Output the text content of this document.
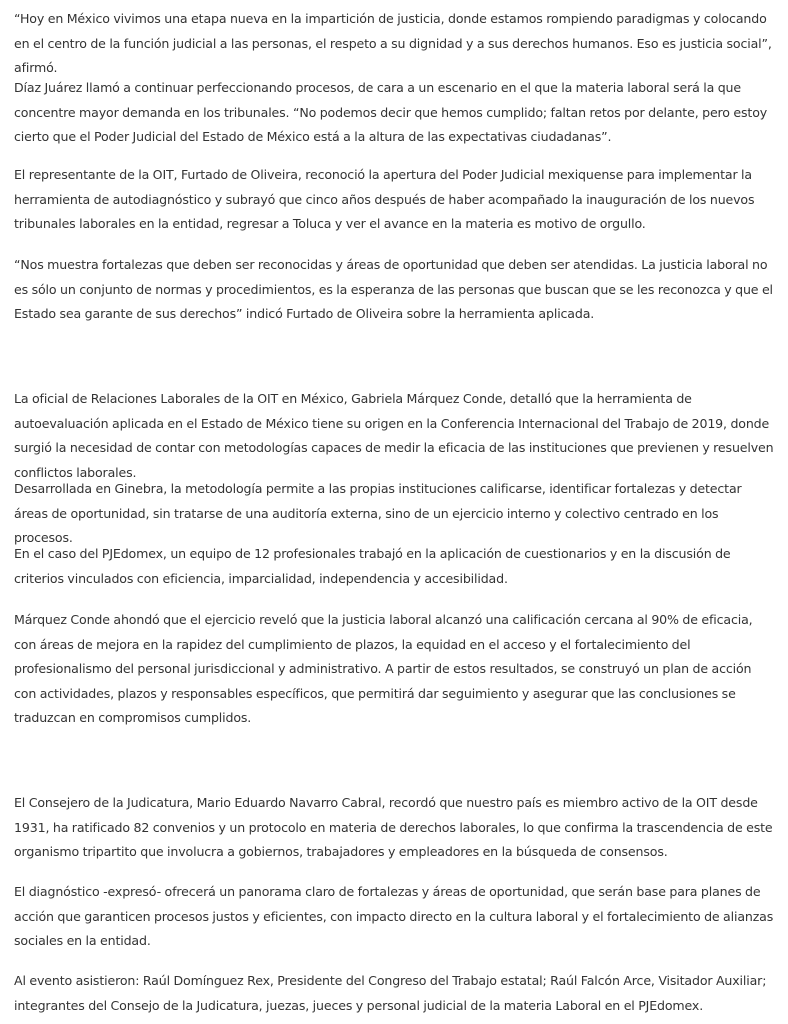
“Hoy en México vivimos una etapa nueva en la impartición de justicia, donde estamos rompiendo paradigmas y colocando en el centro de la función judicial a las personas, el respeto a su dignidad y a sus derechos humanos. Eso es justicia social”, afirmó.

Díaz Juárez llamó a continuar perfeccionando procesos, de cara a un escenario en el que la materia laboral será la que concentre mayor demanda en los tribunales. “No podemos decir que hemos cumplido; faltan retos por delante, pero estoy cierto que el Poder Judicial del Estado de México está a la altura de las expectativas ciudadanas”.

El representante de la OIT, Furtado de Oliveira, reconoció la apertura del Poder Judicial mexiquense para implementar la herramienta de autodiagnóstico y subrayó que cinco años después de haber acompañado la inauguración de los nuevos tribunales laborales en la entidad, regresar a Toluca y ver el avance en la materia es motivo de orgullo.

“Nos muestra fortalezas que deben ser reconocidas y áreas de oportunidad que deben ser atendidas. La justicia laboral no es sólo un conjunto de normas y procedimientos, es la esperanza de las personas que buscan que se les reconozca y que el Estado sea garante de sus derechos” indicó Furtado de Oliveira sobre la herramienta aplicada.

La oficial de Relaciones Laborales de la OIT en México, Gabriela Márquez Conde, detalló que la herramienta de autoevaluación aplicada en el Estado de México tiene su origen en la Conferencia Internacional del Trabajo de 2019, donde surgió la necesidad de contar con metodologías capaces de medir la eficacia de las instituciones que previenen y resuelven conflictos laborales.

Desarrollada en Ginebra, la metodología permite a las propias instituciones calificarse, identificar fortalezas y detectar áreas de oportunidad, sin tratarse de una auditoría externa, sino de un ejercicio interno y colectivo centrado en los procesos.

En el caso del PJEdomex, un equipo de 12 profesionales trabajó en la aplicación de cuestionarios y en la discusión de criterios vinculados con eficiencia, imparcialidad, independencia y accesibilidad.

Márquez Conde ahondó que el ejercicio reveló que la justicia laboral alcanzó una calificación cercana al 90% de eficacia, con áreas de mejora en la rapidez del cumplimiento de plazos, la equidad en el acceso y el fortalecimiento del profesionalismo del personal jurisdiccional y administrativo. A partir de estos resultados, se construyó un plan de acción con actividades, plazos y responsables específicos, que permitirá dar seguimiento y asegurar que las conclusiones se traduzcan en compromisos cumplidos.

El Consejero de la Judicatura, Mario Eduardo Navarro Cabral, recordó que nuestro país es miembro activo de la OIT desde 1931, ha ratificado 82 convenios y un protocolo en materia de derechos laborales, lo que confirma la trascendencia de este organismo tripartito que involucra a gobiernos, trabajadores y empleadores en la búsqueda de consensos.

El diagnóstico -expresó- ofrecerá un panorama claro de fortalezas y áreas de oportunidad, que serán base para planes de acción que garanticen procesos justos y eficientes, con impacto directo en la cultura laboral y el fortalecimiento de alianzas sociales en la entidad.

Al evento asistieron: Raúl Domínguez Rex, Presidente del Congreso del Trabajo estatal; Raúl Falcón Arce, Visitador Auxiliar; integrantes del Consejo de la Judicatura, juezas, jueces y personal judicial de la materia Laboral en el PJEdomex.
